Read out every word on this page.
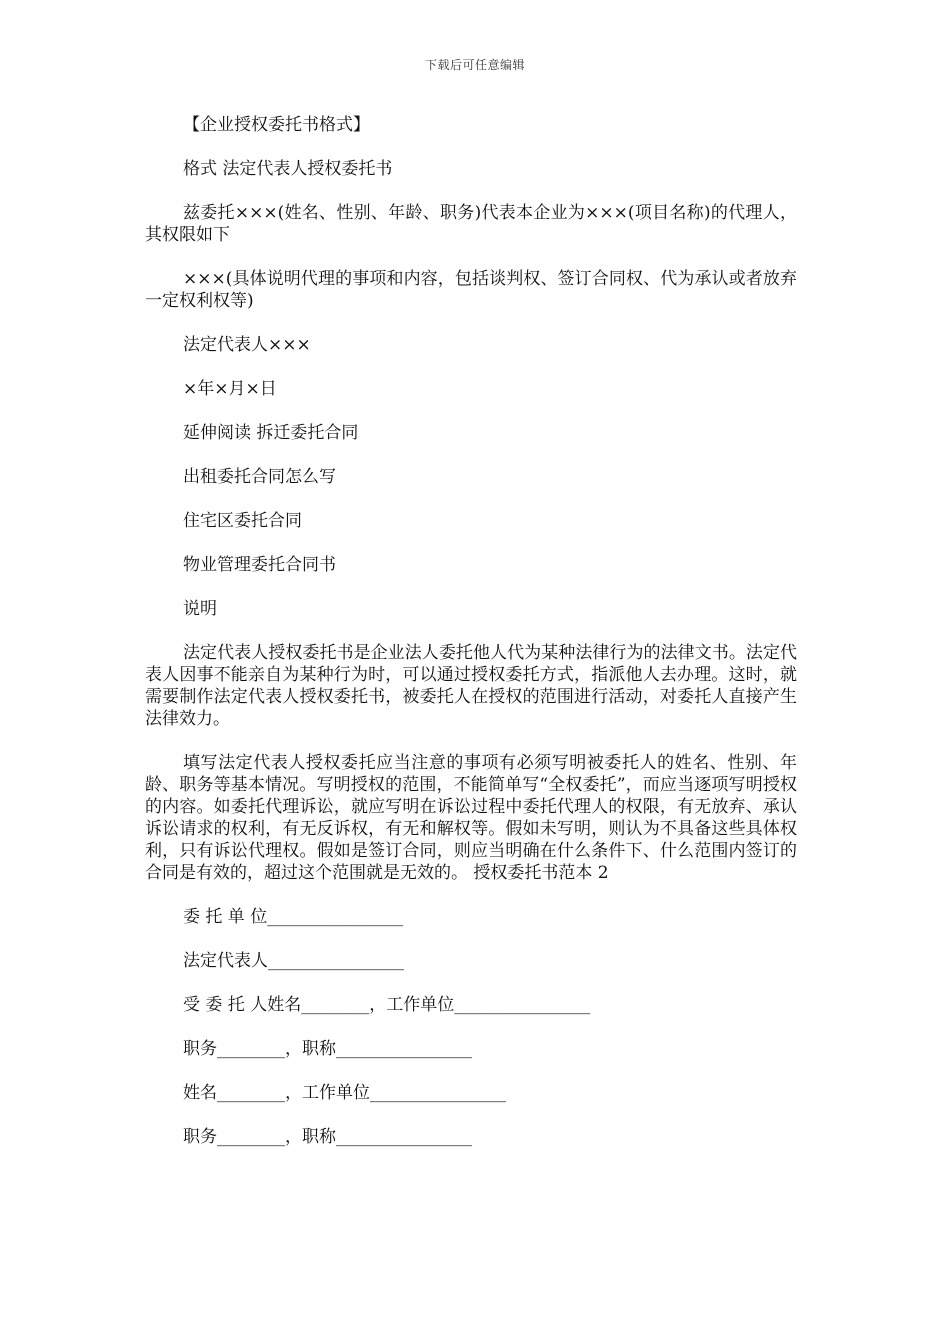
下载后可任意编辑

【企业授权委托书格式】

格式 法定代表人授权委托书

兹委托×××(姓名、性别、年龄、职务)代表本企业为×××(项目名称)的代理人，其权限如下

×××(具体说明代理的事项和内容，包括谈判权、签订合同权、代为承认或者放弃一定权利权等)

法定代表人×××

×年×月×日

延伸阅读 拆迁委托合同

出租委托合同怎么写

住宅区委托合同

物业管理委托合同书

说明

法定代表人授权委托书是企业法人委托他人代为某种法律行为的法律文书。法定代表人因事不能亲自为某种行为时，可以通过授权委托方式，指派他人去办理。这时，就需要制作法定代表人授权委托书，被委托人在授权的范围进行活动，对委托人直接产生法律效力。

填写法定代表人授权委托应当注意的事项有必须写明被委托人的姓名、性别、年龄、职务等基本情况。写明授权的范围，不能简单写“全权委托”，而应当逐项写明授权的内容。如委托代理诉讼，就应写明在诉讼过程中委托代理人的权限，有无放弃、承认诉讼请求的权利，有无反诉权，有无和解权等。假如未写明，则认为不具备这些具体权利，只有诉讼代理权。假如是签订合同，则应当明确在什么条件下、什么范围内签订的合同是有效的，超过这个范围就是无效的。 授权委托书范本 2

委 托 单 位________________

法定代表人________________

受 委 托 人姓名________，工作单位________________

职务________，职称________________

姓名________，工作单位________________

职务________，职称________________
